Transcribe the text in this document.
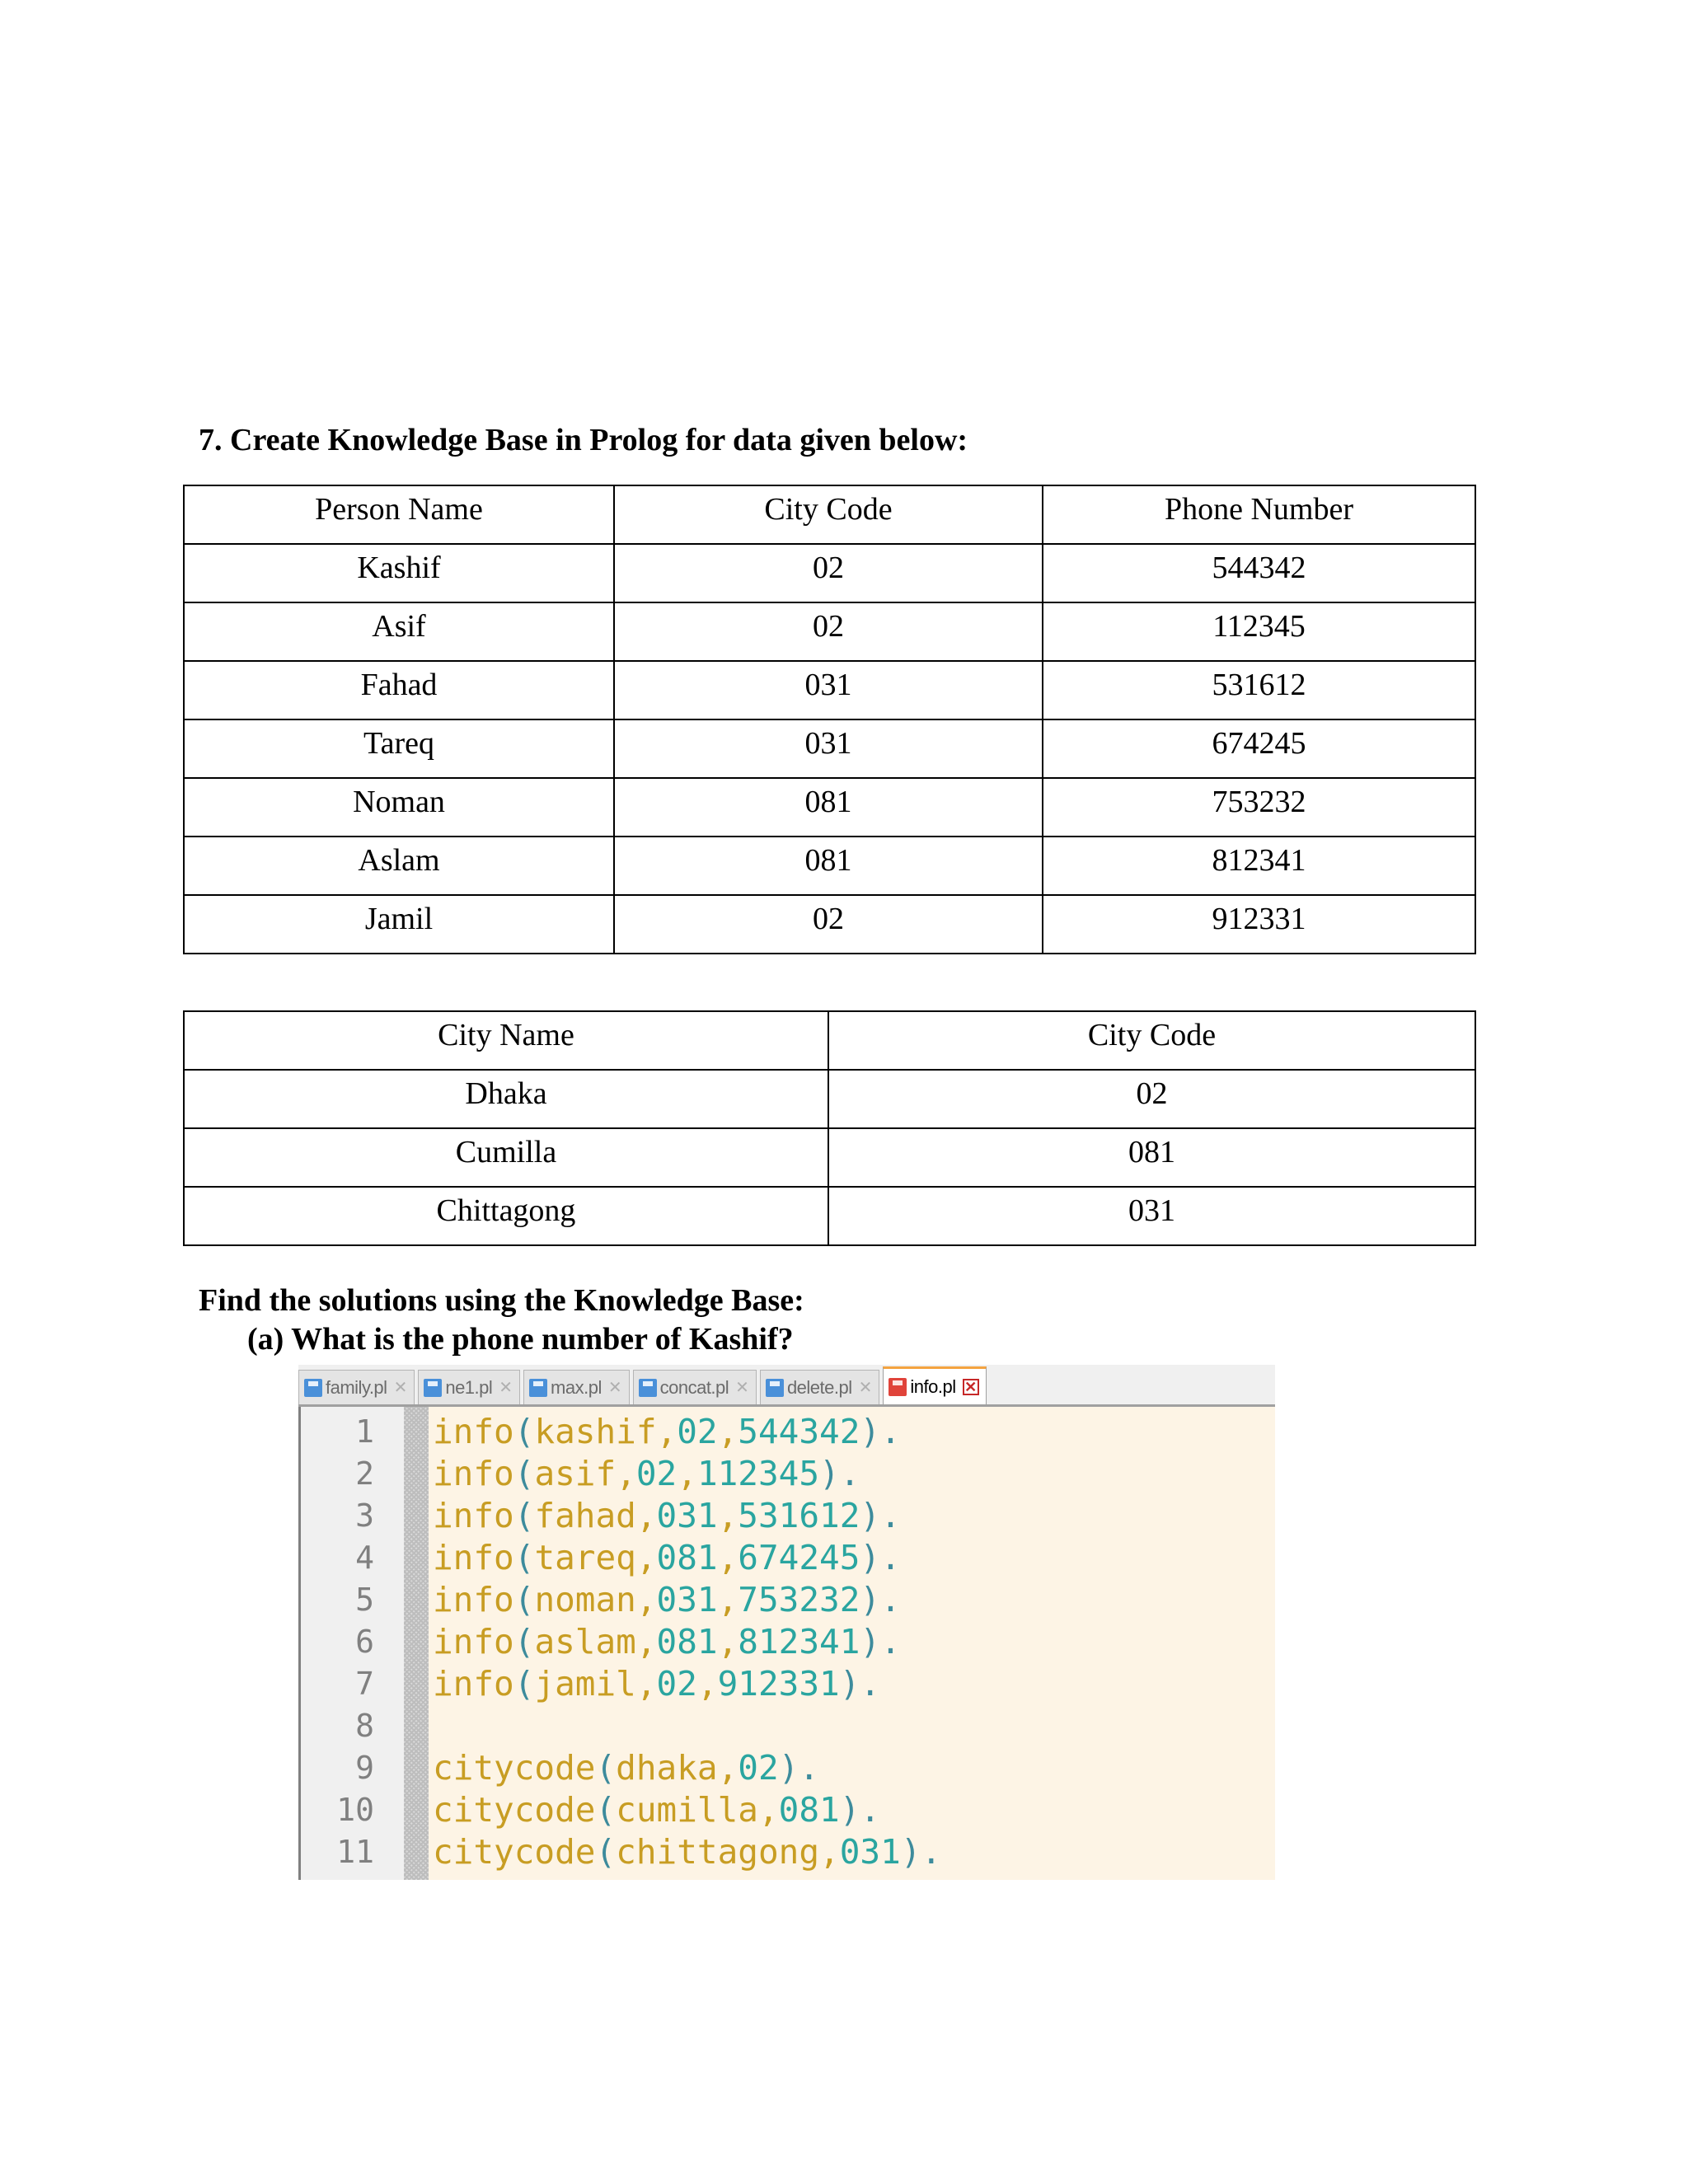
7. Create Knowledge Base in Prolog for data given below:
Person Name	City Code	Phone Number
Kashif	02	544342
Asif	02	112345
Fahad	031	531612
Tareq	031	674245
Noman	081	753232
Aslam	081	812341
Jamil	02	912331
City Name	City Code
Dhaka	02
Cumilla	081
Chittagong	031
Find the solutions using the Knowledge Base:
(a) What is the phone number of Kashif?
family.pl ✕ ne1.pl ✕ max.pl ✕ concat.pl ✕ delete.pl ✕ info.pl ✕
1
2
3
4
5
6
7
8
9
10
11
info(kashif,02,544342).
info(asif,02,112345).
info(fahad,031,531612).
info(tareq,081,674245).
info(noman,031,753232).
info(aslam,081,812341).
info(jamil,02,912331).
citycode(dhaka,02).
citycode(cumilla,081).
citycode(chittagong,031).
